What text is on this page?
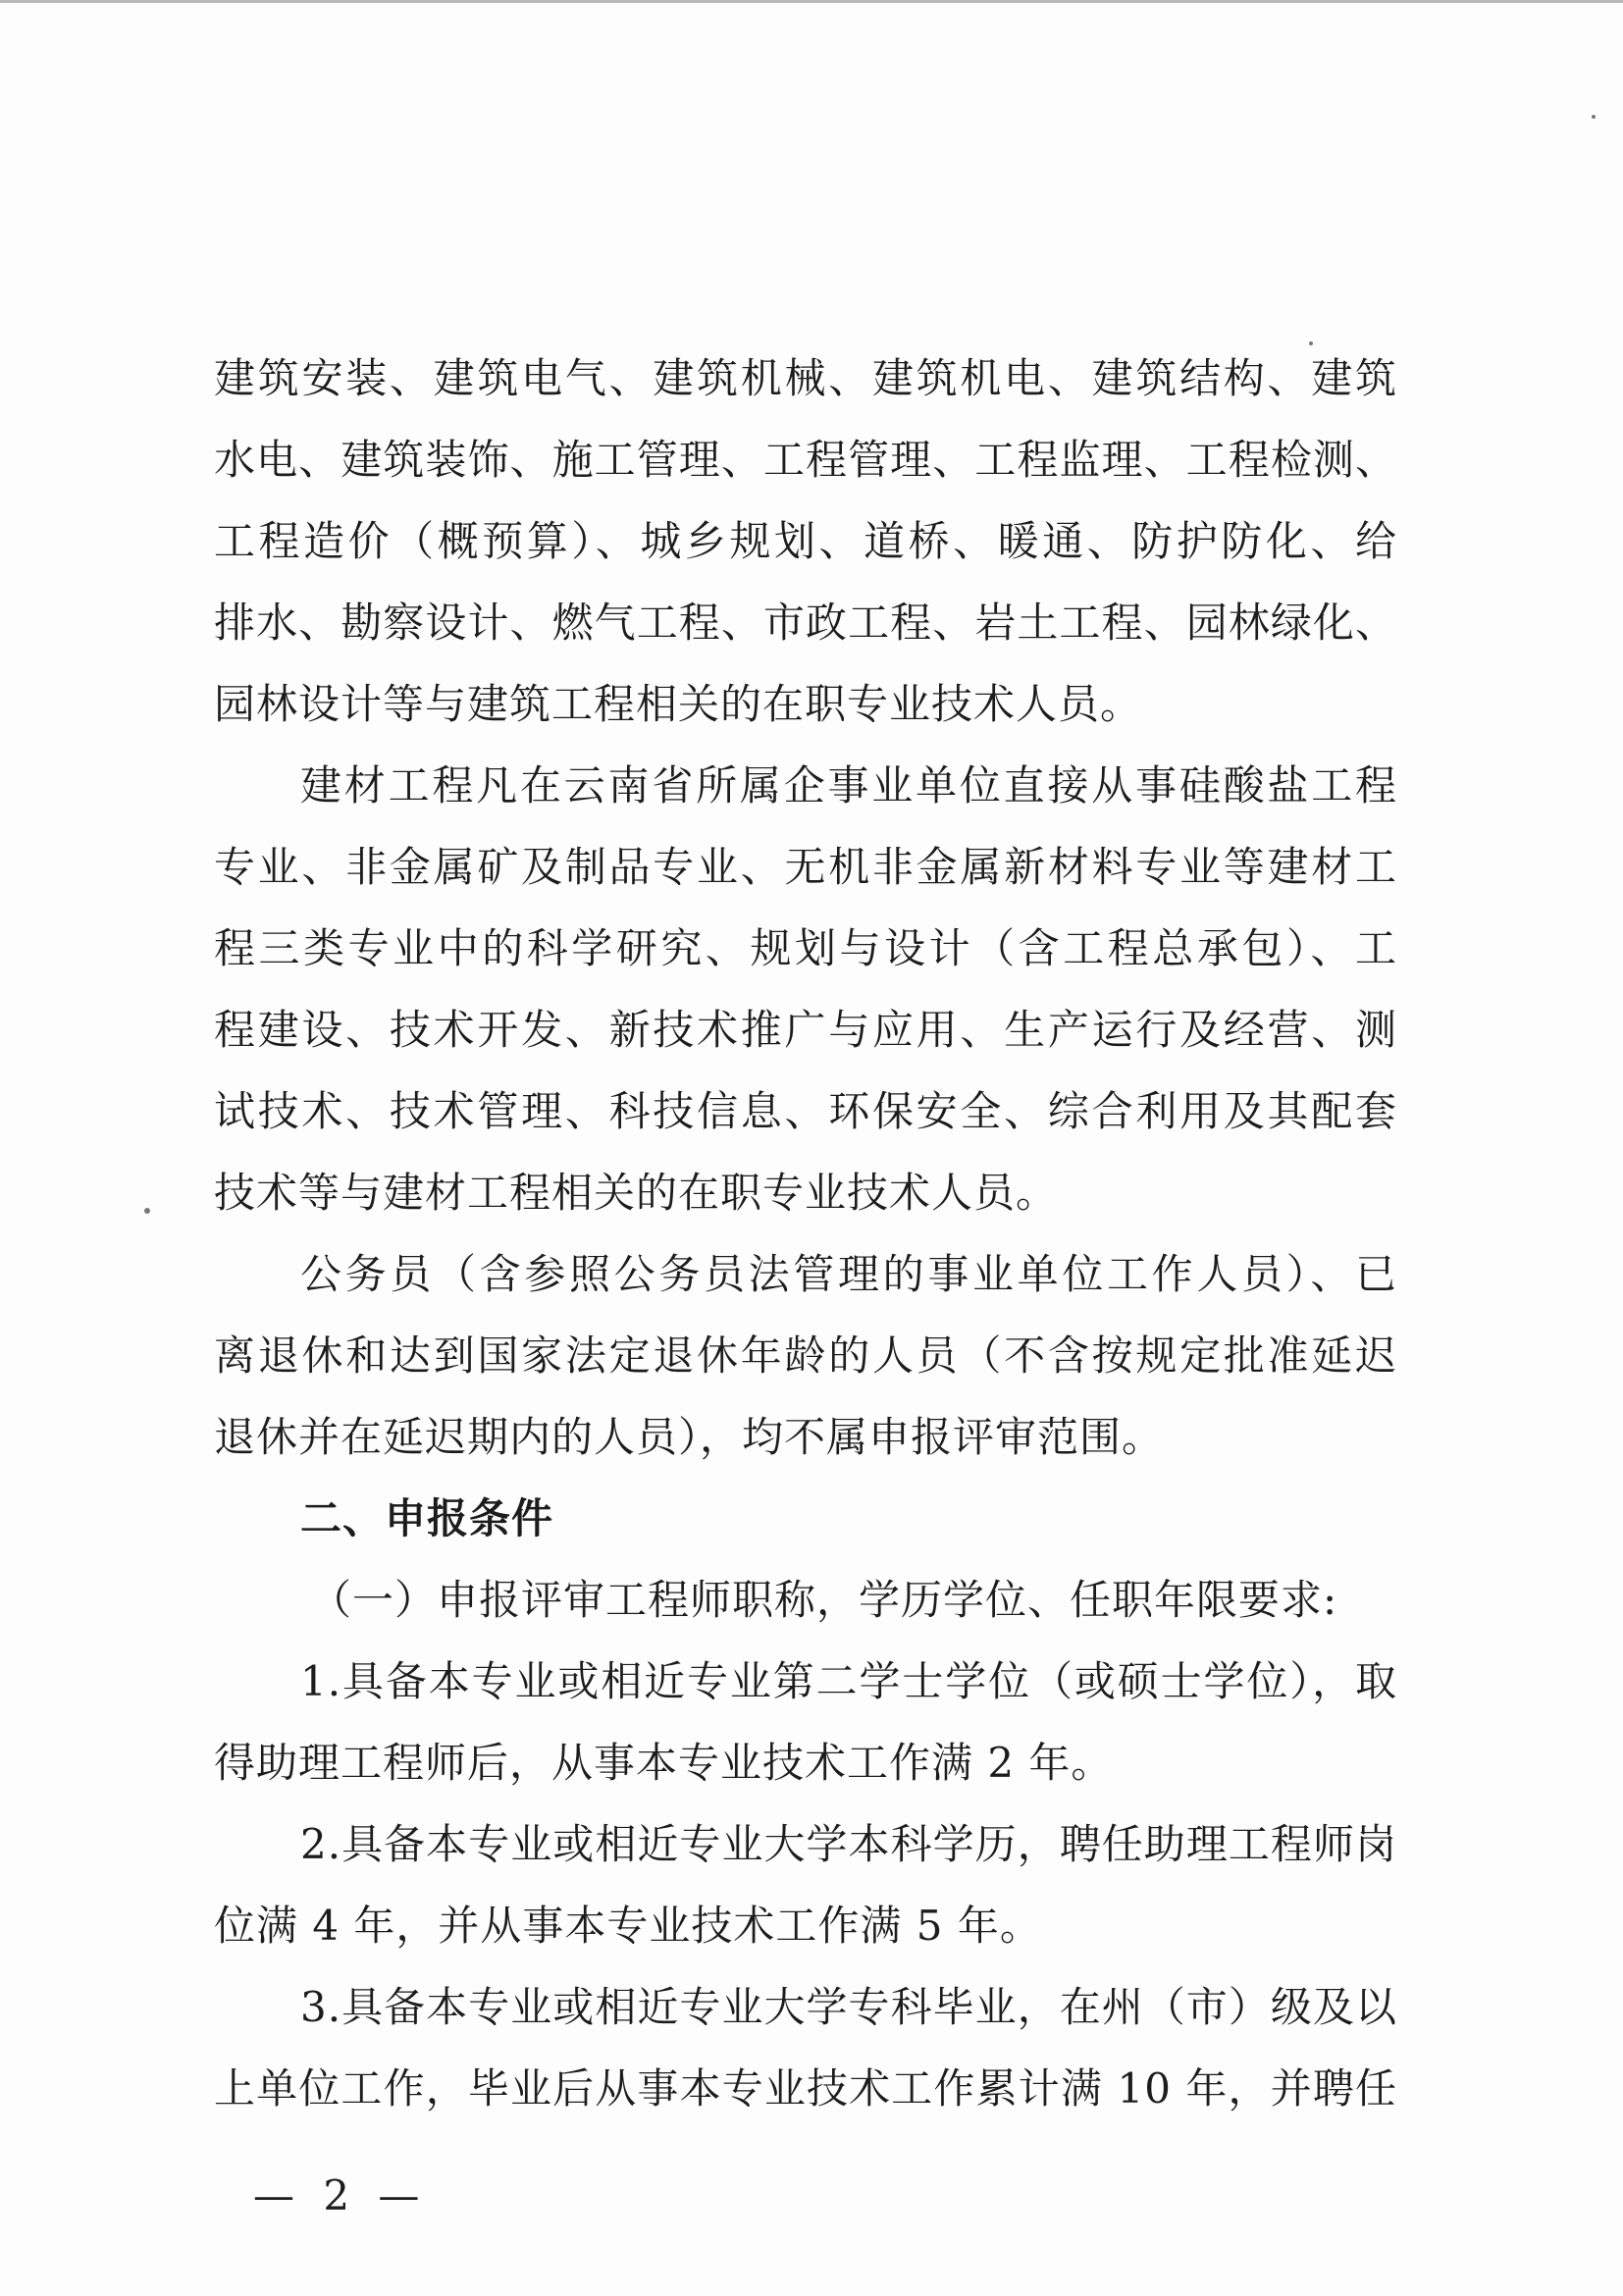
建筑安装、建筑电气、建筑机械、建筑机电、建筑结构、建筑
水电、建筑装饰、施工管理、工程管理、工程监理、工程检测、
工程造价（概预算）、城乡规划、道桥、暖通、防护防化、给
排水、勘察设计、燃气工程、市政工程、岩土工程、园林绿化、
园林设计等与建筑工程相关的在职专业技术人员。
建材工程凡在云南省所属企事业单位直接从事硅酸盐工程
专业、非金属矿及制品专业、无机非金属新材料专业等建材工
程三类专业中的科学研究、规划与设计（含工程总承包）、工
程建设、技术开发、新技术推广与应用、生产运行及经营、测
试技术、技术管理、科技信息、环保安全、综合利用及其配套
技术等与建材工程相关的在职专业技术人员。
公务员（含参照公务员法管理的事业单位工作人员）、已
离退休和达到国家法定退休年龄的人员（不含按规定批准延迟
退休并在延迟期内的人员），均不属申报评审范围。
二、申报条件
（一）申报评审工程师职称，学历学位、任职年限要求:
1.具备本专业或相近专业第二学士学位（或硕士学位），取
得助理工程师后，从事本专业技术工作满 2 年。
2.具备本专业或相近专业大学本科学历，聘任助理工程师岗
位满 4 年，并从事本专业技术工作满 5 年。
3.具备本专业或相近专业大学专科毕业，在州（市）级及以
上单位工作，毕业后从事本专业技术工作累计满 10 年，并聘任
— 2 —
